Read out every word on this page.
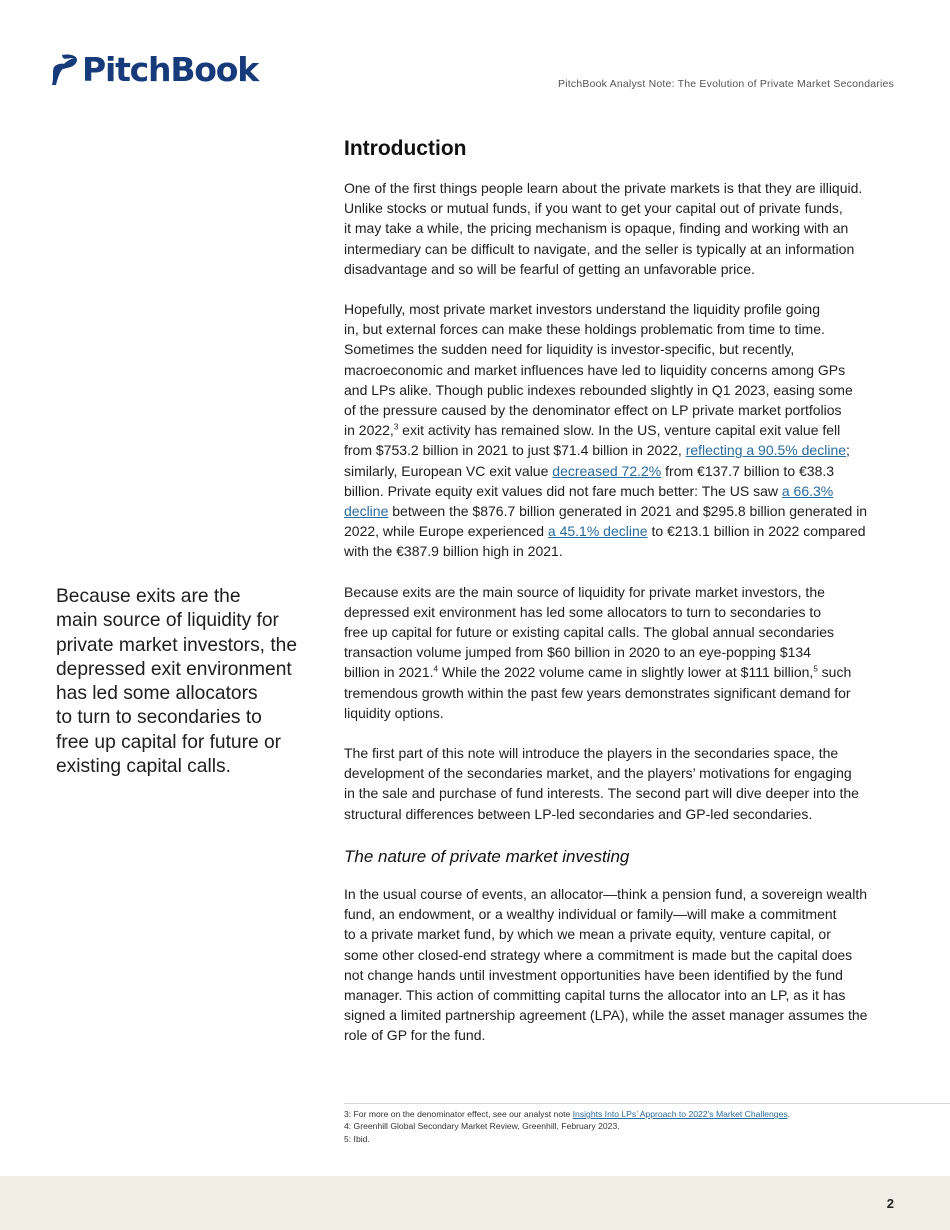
PitchBook	PitchBook Analyst Note: The Evolution of Private Market Secondaries

Because exits are the
main source of liquidity for
private market investors, the
depressed exit environment
has led some allocators
to turn to secondaries to
free up capital for future or
existing capital calls.

Introduction

One of the first things people learn about the private markets is that they are illiquid.
Unlike stocks or mutual funds, if you want to get your capital out of private funds,
it may take a while, the pricing mechanism is opaque, finding and working with an
intermediary can be difficult to navigate, and the seller is typically at an information
disadvantage and so will be fearful of getting an unfavorable price.

Hopefully, most private market investors understand the liquidity profile going
in, but external forces can make these holdings problematic from time to time.
Sometimes the sudden need for liquidity is investor-specific, but recently,
macroeconomic and market influences have led to liquidity concerns among GPs
and LPs alike. Though public indexes rebounded slightly in Q1 2023, easing some
of the pressure caused by the denominator effect on LP private market portfolios
in 2022,$^3$ exit activity has remained slow. In the US, venture capital exit value fell
from $753.2 billion in 2021 to just $71.4 billion in 2022, reflecting a 90.5% decline;
similarly, European VC exit value decreased 72.2% from €137.7 billion to €38.3
billion. Private equity exit values did not fare much better: The US saw a 66.3%
decline between the $876.7 billion generated in 2021 and $295.8 billion generated in
2022, while Europe experienced a 45.1% decline to €213.1 billion in 2022 compared
with the €387.9 billion high in 2021.

Because exits are the main source of liquidity for private market investors, the
depressed exit environment has led some allocators to turn to secondaries to
free up capital for future or existing capital calls. The global annual secondaries
transaction volume jumped from $60 billion in 2020 to an eye-popping $134
billion in 2021.$^4$ While the 2022 volume came in slightly lower at $111 billion,$^5$ such
tremendous growth within the past few years demonstrates significant demand for
liquidity options.

The first part of this note will introduce the players in the secondaries space, the
development of the secondaries market, and the players’ motivations for engaging
in the sale and purchase of fund interests. The second part will dive deeper into the
structural differences between LP-led secondaries and GP-led secondaries.

The nature of private market investing

In the usual course of events, an allocator—think a pension fund, a sovereign wealth
fund, an endowment, or a wealthy individual or family—will make a commitment
to a private market fund, by which we mean a private equity, venture capital, or
some other closed-end strategy where a commitment is made but the capital does
not change hands until investment opportunities have been identified by the fund
manager. This action of committing capital turns the allocator into an LP, as it has
signed a limited partnership agreement (LPA), while the asset manager assumes the
role of GP for the fund.

3: For more on the denominator effect, see our analyst note Insights Into LPs’ Approach to 2022’s Market Challenges.
4: Greenhill Global Secondary Market Review, Greenhill, February 2023.
5: Ibid.
2
